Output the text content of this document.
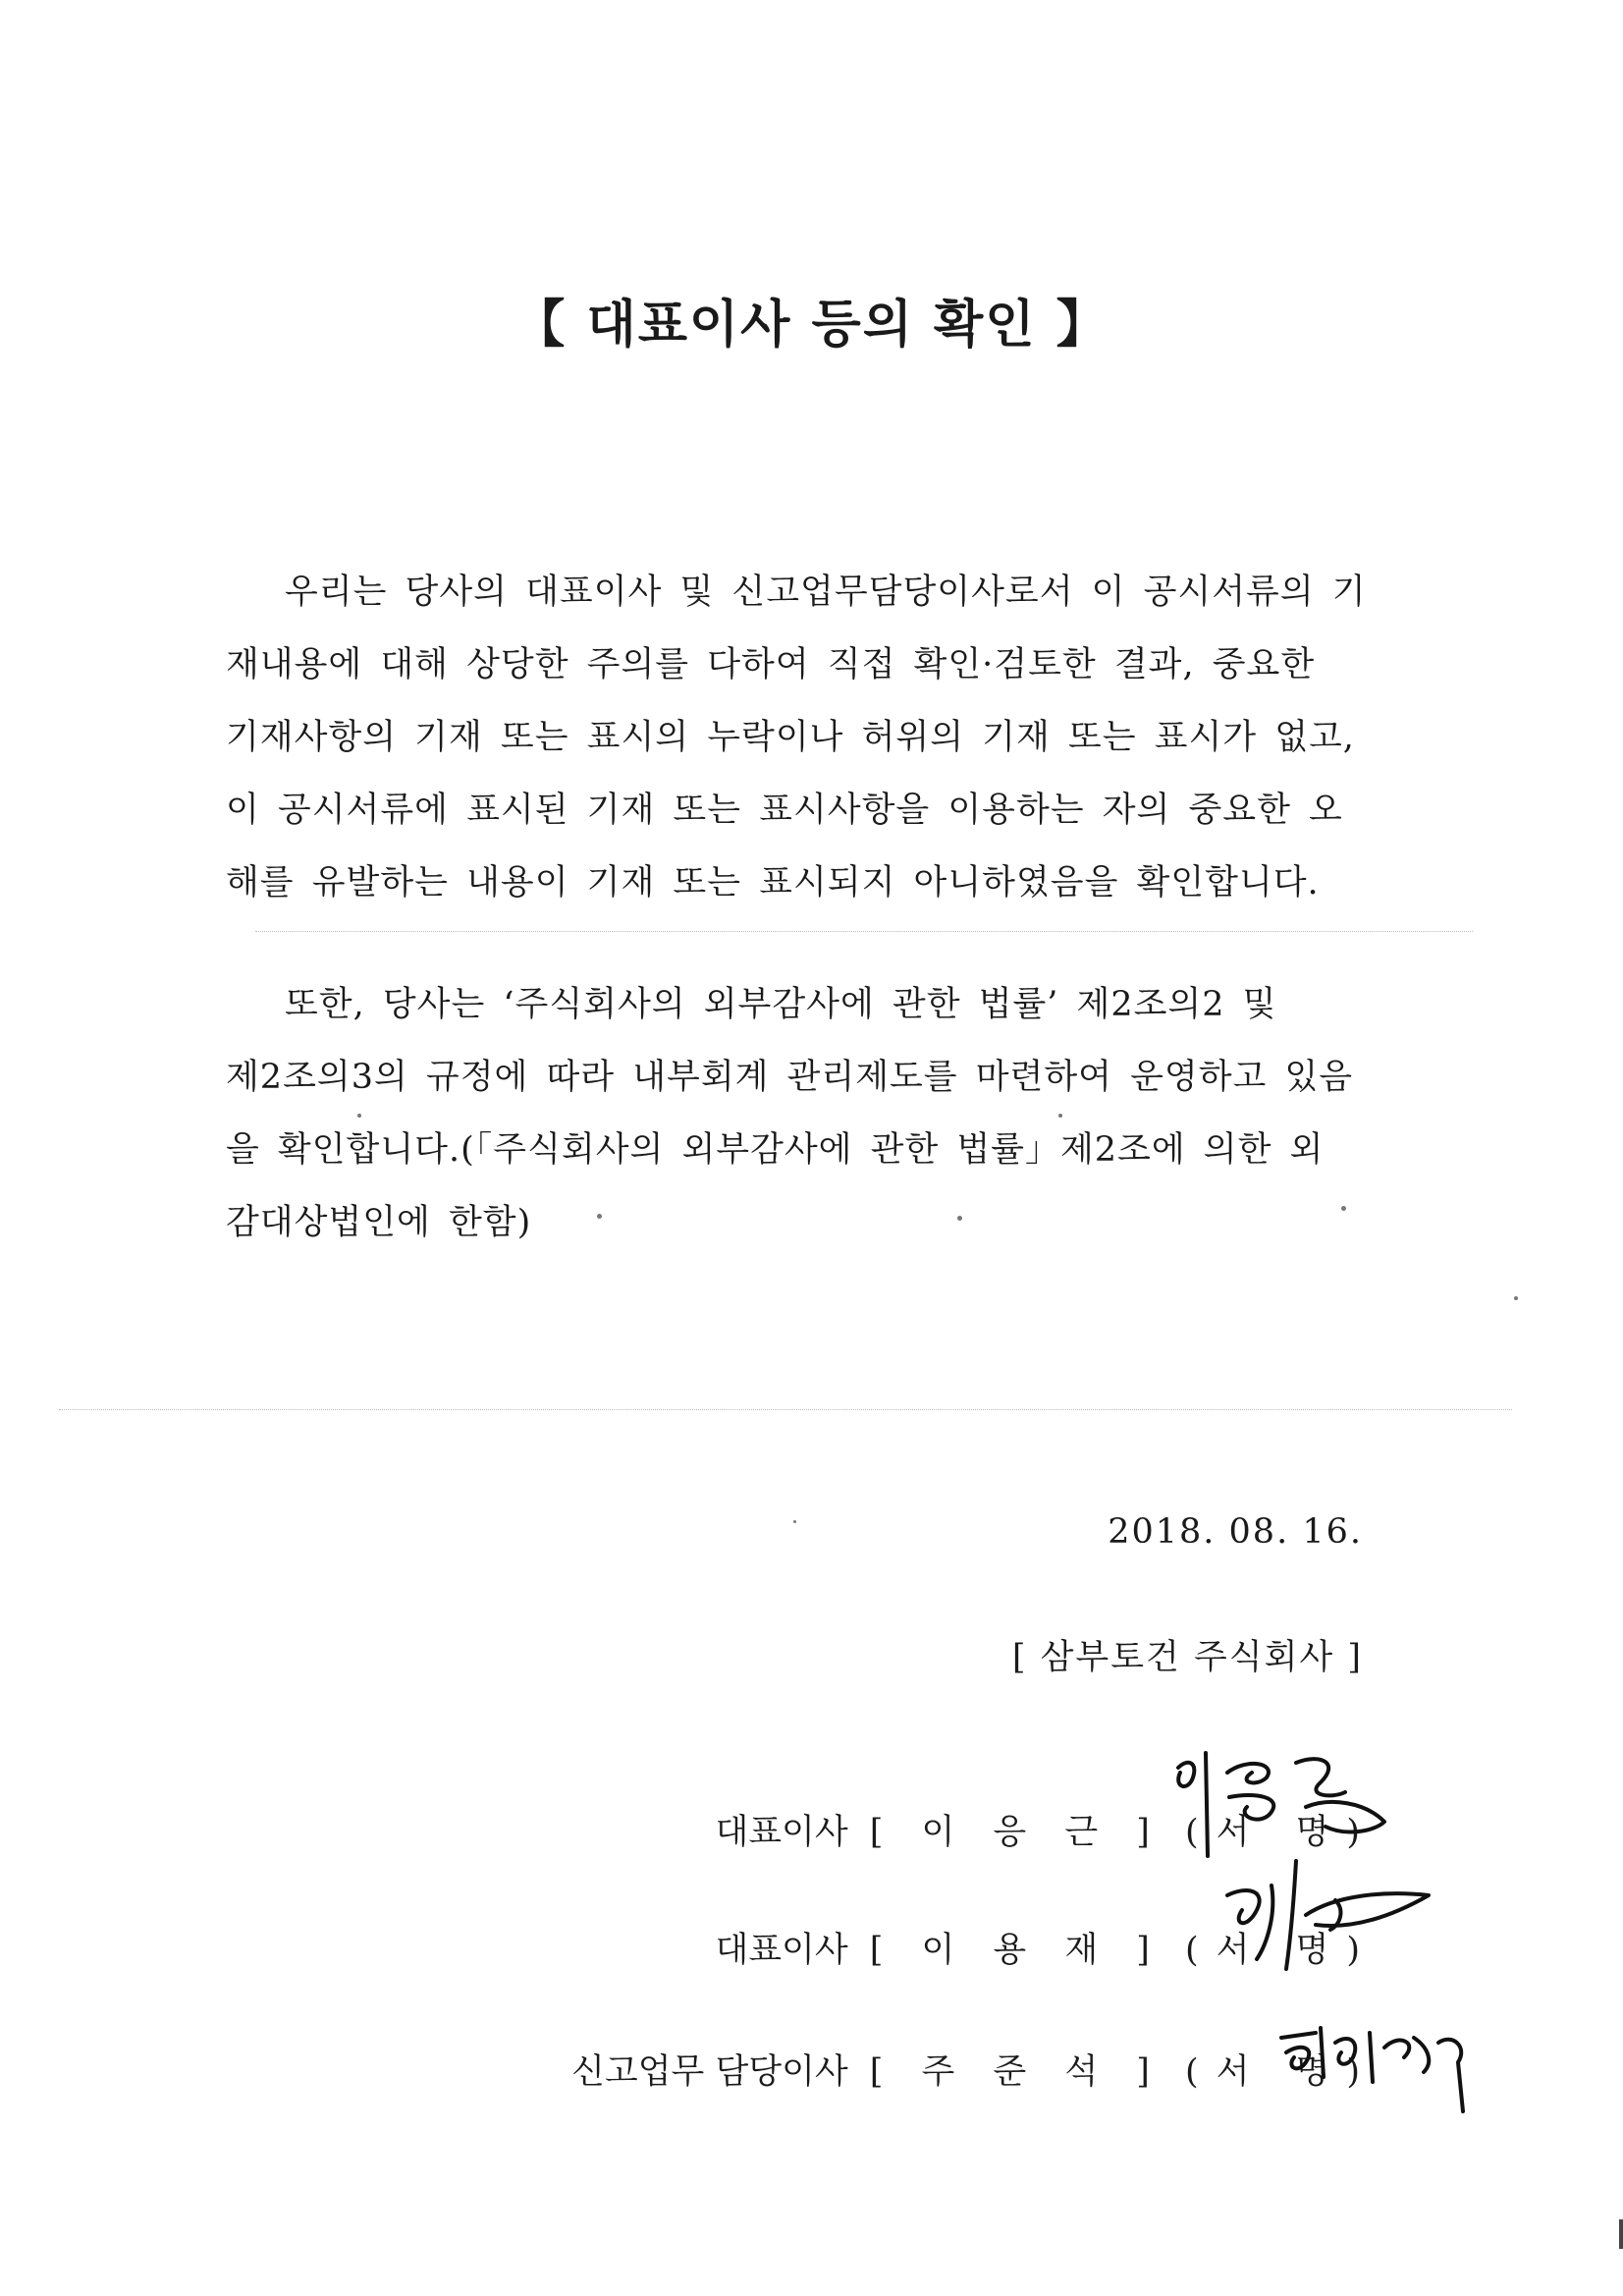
【 대표이사 등의 확인 】

우리는 당사의 대표이사 및 신고업무담당이사로서 이 공시서류의 기
재내용에 대해 상당한 주의를 다하여 직접 확인·검토한 결과, 중요한
기재사항의 기재 또는 표시의 누락이나 허위의 기재 또는 표시가 없고,
이 공시서류에 표시된 기재 또는 표시사항을 이용하는 자의 중요한 오
해를 유발하는 내용이 기재 또는 표시되지 아니하였음을 확인합니다.

또한, 당사는 ‘주식회사의 외부감사에 관한 법률’ 제2조의2 및
제2조의3의 규정에 따라 내부회계 관리제도를 마련하여 운영하고 있음
을 확인합니다.(「주식회사의 외부감사에 관한 법률」제2조에 의한 외
감대상법인에 한함)

2018. 08. 16.

[ 삼부토건 주식회사 ]

대표이사 [ 이 응 근 ] (서 명)
대표이사 [ 이 용 재 ] (서 명)
신고업무 담당이사 [ 주 준 석 ] (서 명)
